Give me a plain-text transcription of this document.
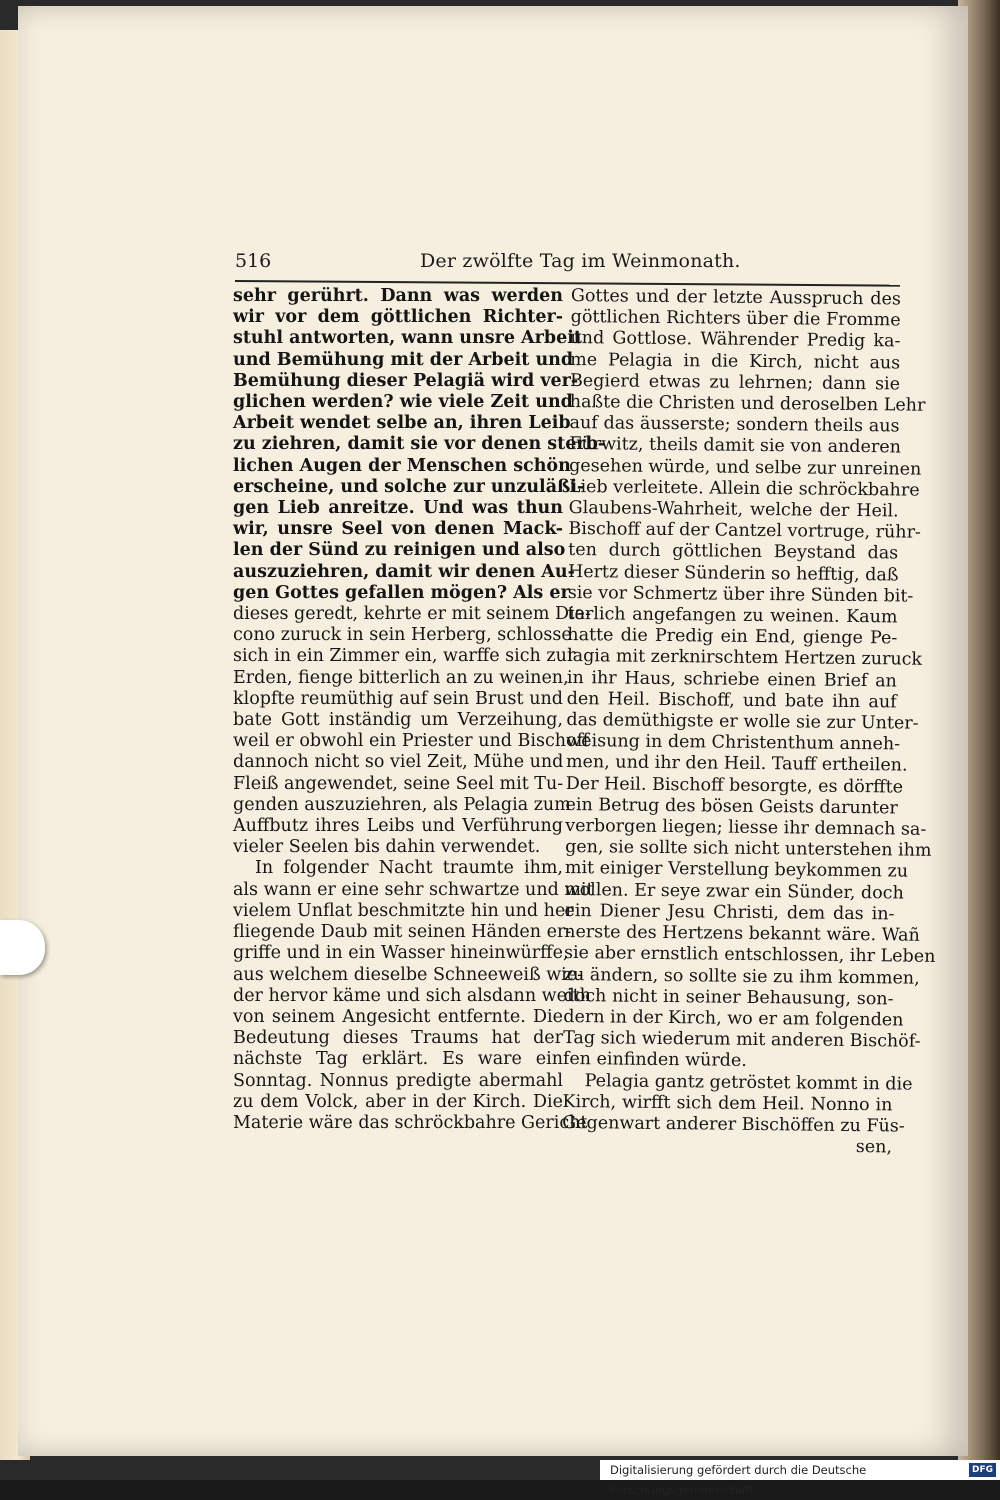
516	Der zwölfte Tag im Weinmonath.
sehr gerührt. Dann was werden
wir vor dem göttlichen Richter-
stuhl antworten, wann unsre Arbeit
und Bemühung mit der Arbeit und
Bemühung dieser Pelagiä wird ver-
glichen werden? wie viele Zeit und
Arbeit wendet selbe an, ihren Leib
zu ziehren, damit sie vor denen sterb-
lichen Augen der Menschen schön
erscheine, und solche zur unzuläßi-
gen Lieb anreitze. Und was thun
wir, unsre Seel von denen Mack-
len der Sünd zu reinigen und also
auszuziehren, damit wir denen Au-
gen Gottes gefallen mögen? Als er
dieses geredt, kehrte er mit seinem Dia-
cono zuruck in sein Herberg, schlosse
sich in ein Zimmer ein, warffe sich zur
Erden, fienge bitterlich an zu weinen,
klopfte reumüthig auf sein Brust und
bate Gott inständig um Verzeihung,
weil er obwohl ein Priester und Bischoff
dannoch nicht so viel Zeit, Mühe und
Fleiß angewendet, seine Seel mit Tu-
genden auszuziehren, als Pelagia zum
Auffbutz ihres Leibs und Verführung
vieler Seelen bis dahin verwendet.
In folgender Nacht traumte ihm,
als wann er eine sehr schwartze und mit
vielem Unflat beschmitzte hin und her
fliegende Daub mit seinen Händen er-
griffe und in ein Wasser hineinwürffe,
aus welchem dieselbe Schneeweiß wie-
der hervor käme und sich alsdann weith
von seinem Angesicht entfernte. Die
Bedeutung dieses Traums hat der
nächste Tag erklärt. Es ware ein
Sonntag. Nonnus predigte abermahl
zu dem Volck, aber in der Kirch. Die
Materie wäre das schröckbahre Gericht
Gottes und der letzte Ausspruch des
göttlichen Richters über die Fromme
und Gottlose. Währender Predig ka-
me Pelagia in die Kirch, nicht aus
Begierd etwas zu lehrnen; dann sie
haßte die Christen und deroselben Lehr
auf das äusserste; sondern theils aus
Fürwitz, theils damit sie von anderen
gesehen würde, und selbe zur unreinen
Lieb verleitete. Allein die schröckbahre
Glaubens-Wahrheit, welche der Heil.
Bischoff auf der Cantzel vortruge, rühr-
ten durch göttlichen Beystand das
Hertz dieser Sünderin so hefftig, daß
sie vor Schmertz über ihre Sünden bit-
terlich angefangen zu weinen. Kaum
hatte die Predig ein End, gienge Pe-
lagia mit zerknirschtem Hertzen zuruck
in ihr Haus, schriebe einen Brief an
den Heil. Bischoff, und bate ihn auf
das demüthigste er wolle sie zur Unter-
weisung in dem Christenthum anneh-
men, und ihr den Heil. Tauff ertheilen.
Der Heil. Bischoff besorgte, es dörffte
ein Betrug des bösen Geists darunter
verborgen liegen; liesse ihr demnach sa-
gen, sie sollte sich nicht unterstehen ihm
mit einiger Verstellung beykommen zu
wollen. Er seye zwar ein Sünder, doch
ein Diener Jesu Christi, dem das in-
nerste des Hertzens bekannt wäre. Wañ
sie aber ernstlich entschlossen, ihr Leben
zu ändern, so sollte sie zu ihm kommen,
doch nicht in seiner Behausung, son-
dern in der Kirch, wo er am folgenden
Tag sich wiederum mit anderen Bischöf-
fen einfinden würde.
Pelagia gantz getröstet kommt in die
Kirch, wirfft sich dem Heil. Nonno in
Gegenwart anderer Bischöffen zu Füs-
sen,
Digitalisierung gefördert durch die Deutsche Forschungsgemeinschaft
DFG
